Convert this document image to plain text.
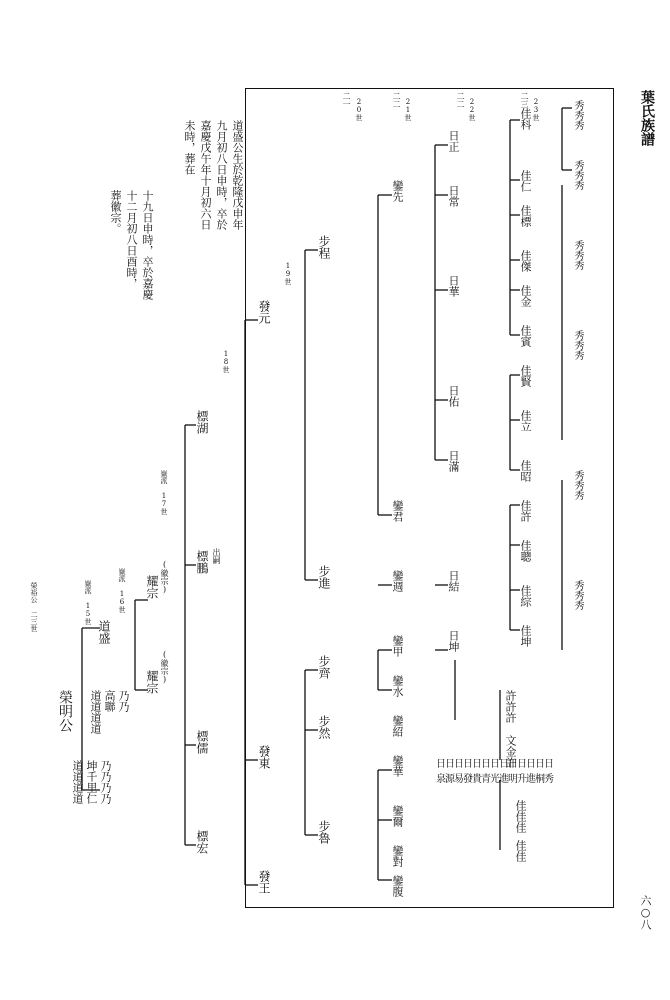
葉氏族譜
六○八
二一 20世	二二 21世	二二 22世	二三 23世
道盛公生於乾隆戊申年
九月初八日申時，卒於
嘉慶戊午年十月初六日
未時，葬在
十九日申時，卒於嘉慶
十二月初八日酉時，
葬徽宗。
榮裕公 二三世
榮明公
嶽派 15世
道盛
道道道道 坤千里仁 乃乃乃乃
道道道道 高聯 乃乃
嶽派 16世 耀宗 (徽宗)
耀宗 (徽宗)
嶽派 17世
標湖
標鵬 出嗣
標儒
標宏
18世
發元
發東
發王
19世
步程
步進
步齊
步然
步魯
鑾先
鑾君
鑾週
鑾甲
鑾水
鑾紹
鑾華
鑾爾
鑾對
鑾腹
日正
日常
日華
日佑
日滿
日結
日坤
日日日日日日日日日日日日日
泉源易發貴青光進明升進桐秀
佳科
佳仁
佳標
佳傑
佳金
佳賓
佳賢
佳立
佳昭
佳許
佳聰
佳綜
佳坤
許許許
文金許
佳佳佳
佳佳
秀秀秀
秀秀秀
秀秀秀
秀秀秀
秀秀秀
秀秀秀
